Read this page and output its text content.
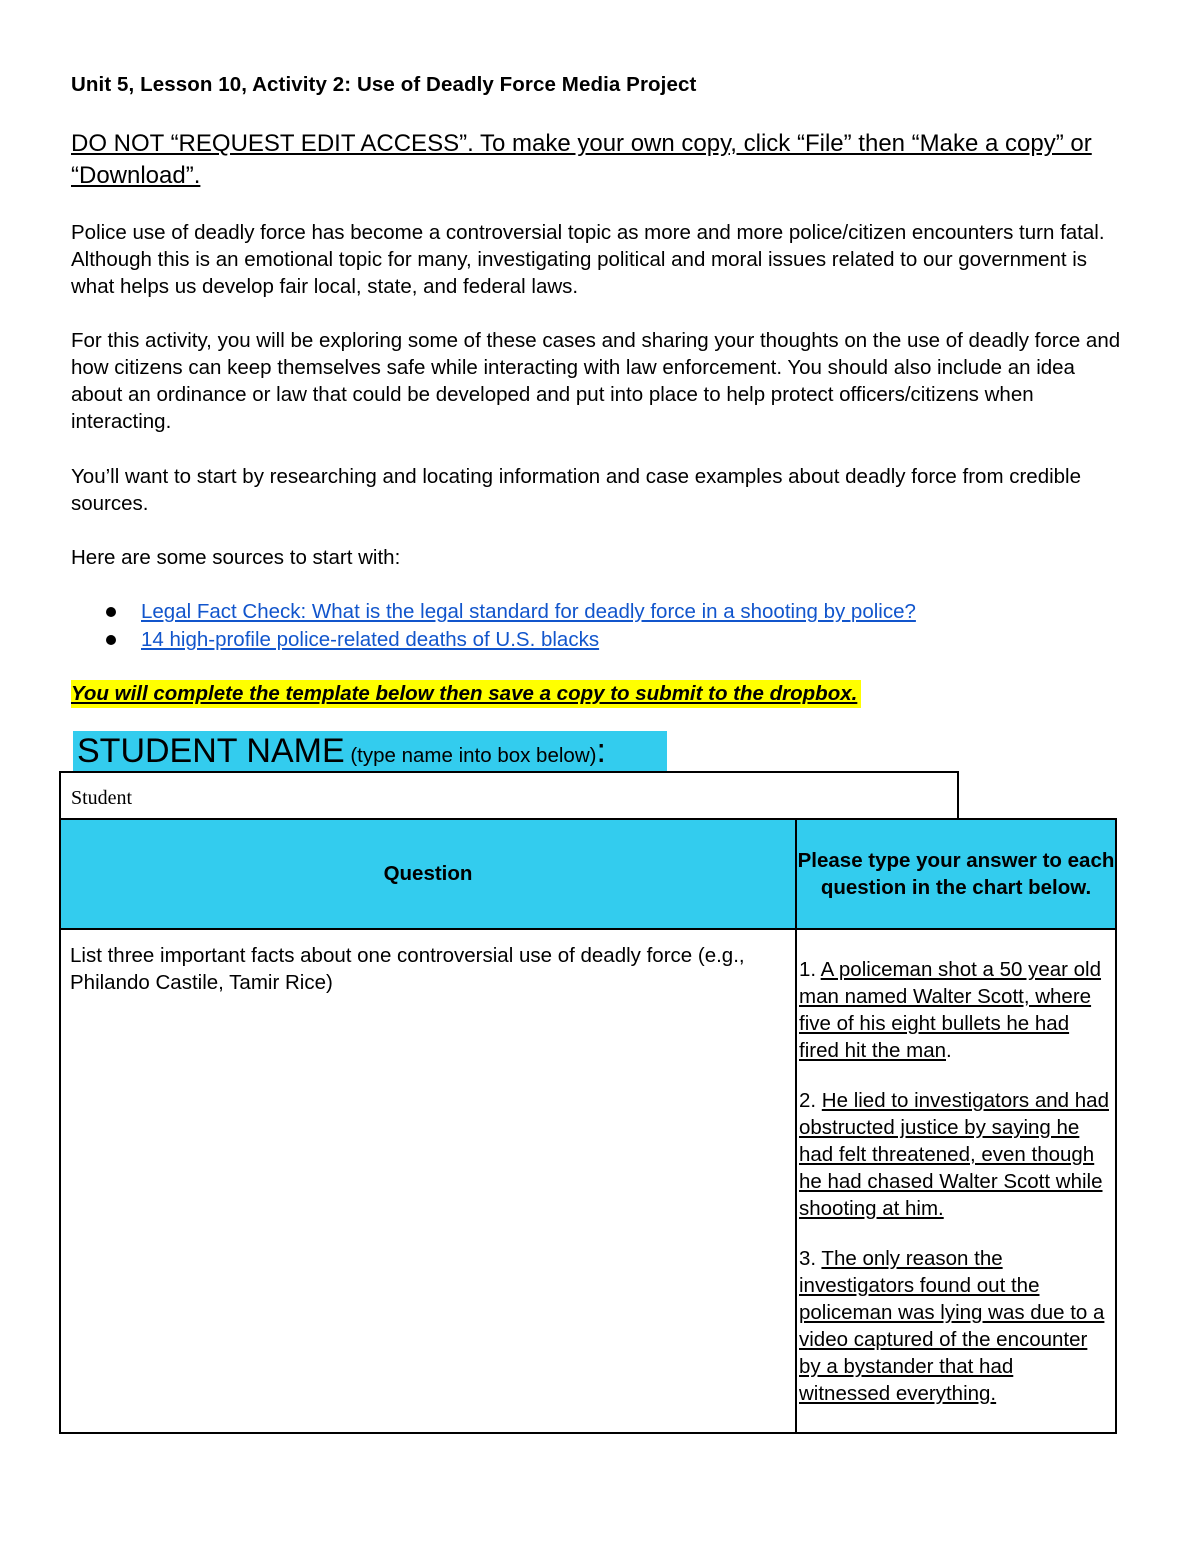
Unit 5, Lesson 10, Activity 2: Use of Deadly Force Media Project
DO NOT “REQUEST EDIT ACCESS”. To make your own copy, click “File” then “Make a copy” or “Download”.
Police use of deadly force has become a controversial topic as more and more police/citizen encounters turn fatal. Although this is an emotional topic for many, investigating political and moral issues related to our government is what helps us develop fair local, state, and federal laws.
For this activity, you will be exploring some of these cases and sharing your thoughts on the use of deadly force and how citizens can keep themselves safe while interacting with law enforcement. You should also include an idea about an ordinance or law that could be developed and put into place to help protect officers/citizens when interacting.
You’ll want to start by researching and locating information and case examples about deadly force from credible sources.
Here are some sources to start with:
Legal Fact Check: What is the legal standard for deadly force in a shooting by police?
14 high-profile police-related deaths of U.S. blacks
You will complete the template below then save a copy to submit to the dropbox.
STUDENT NAME (type name into box below):
Student
Question	Please type your answer to each question in the chart below.

List three important facts about one controversial use of deadly force (e.g., Philando Castile, Tamir Rice)	1. A policeman shot a 50 year old man named Walter Scott, where five of his eight bullets he had fired hit the man.

2. He lied to investigators and had obstructed justice by saying he had felt threatened, even though he had chased Walter Scott while shooting at him.

3. The only reason the investigators found out the policeman was lying was due to a video captured of the encounter by a bystander that had witnessed everything.
